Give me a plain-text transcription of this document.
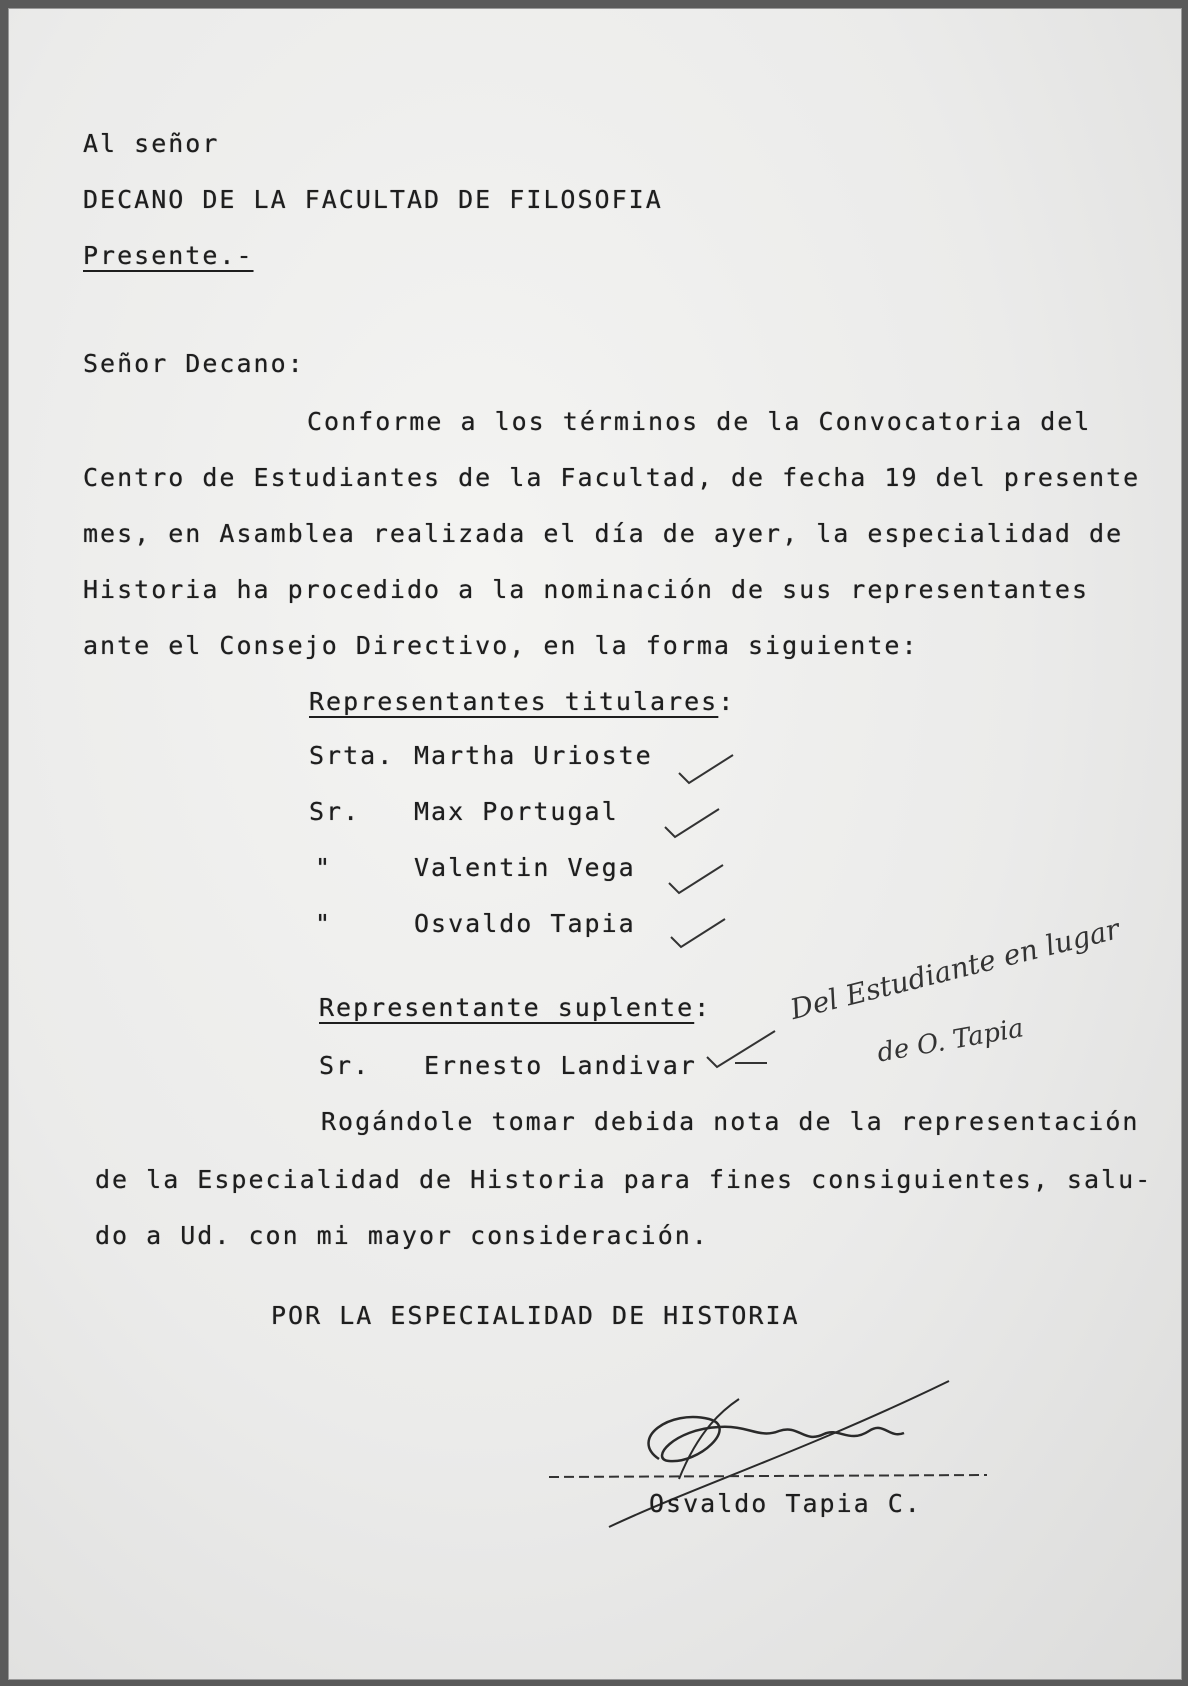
Al señor
DECANO DE LA FACULTAD DE FILOSOFIA
Presente.-
Señor Decano:
Conforme a los términos de la Convocatoria del
Centro de Estudiantes de la Facultad, de fecha 19 del presente
mes, en Asamblea realizada el día de ayer, la especialidad de
Historia ha procedido a la nominación de sus representantes
ante el Consejo Directivo, en la forma siguiente:
Representantes titulares:
Srta. Martha Urioste
Sr. Max Portugal
"	Valentin Vega
"	Osvaldo Tapia
Representante suplente:
Sr. Ernesto Landivar
Del Estudiante en lugar
de O. Tapia
Rogándole tomar debida nota de la representación
de la Especialidad de Historia para fines consiguientes, salu-
do a Ud. con mi mayor consideración.
POR LA ESPECIALIDAD DE HISTORIA
Osvaldo Tapia C.
